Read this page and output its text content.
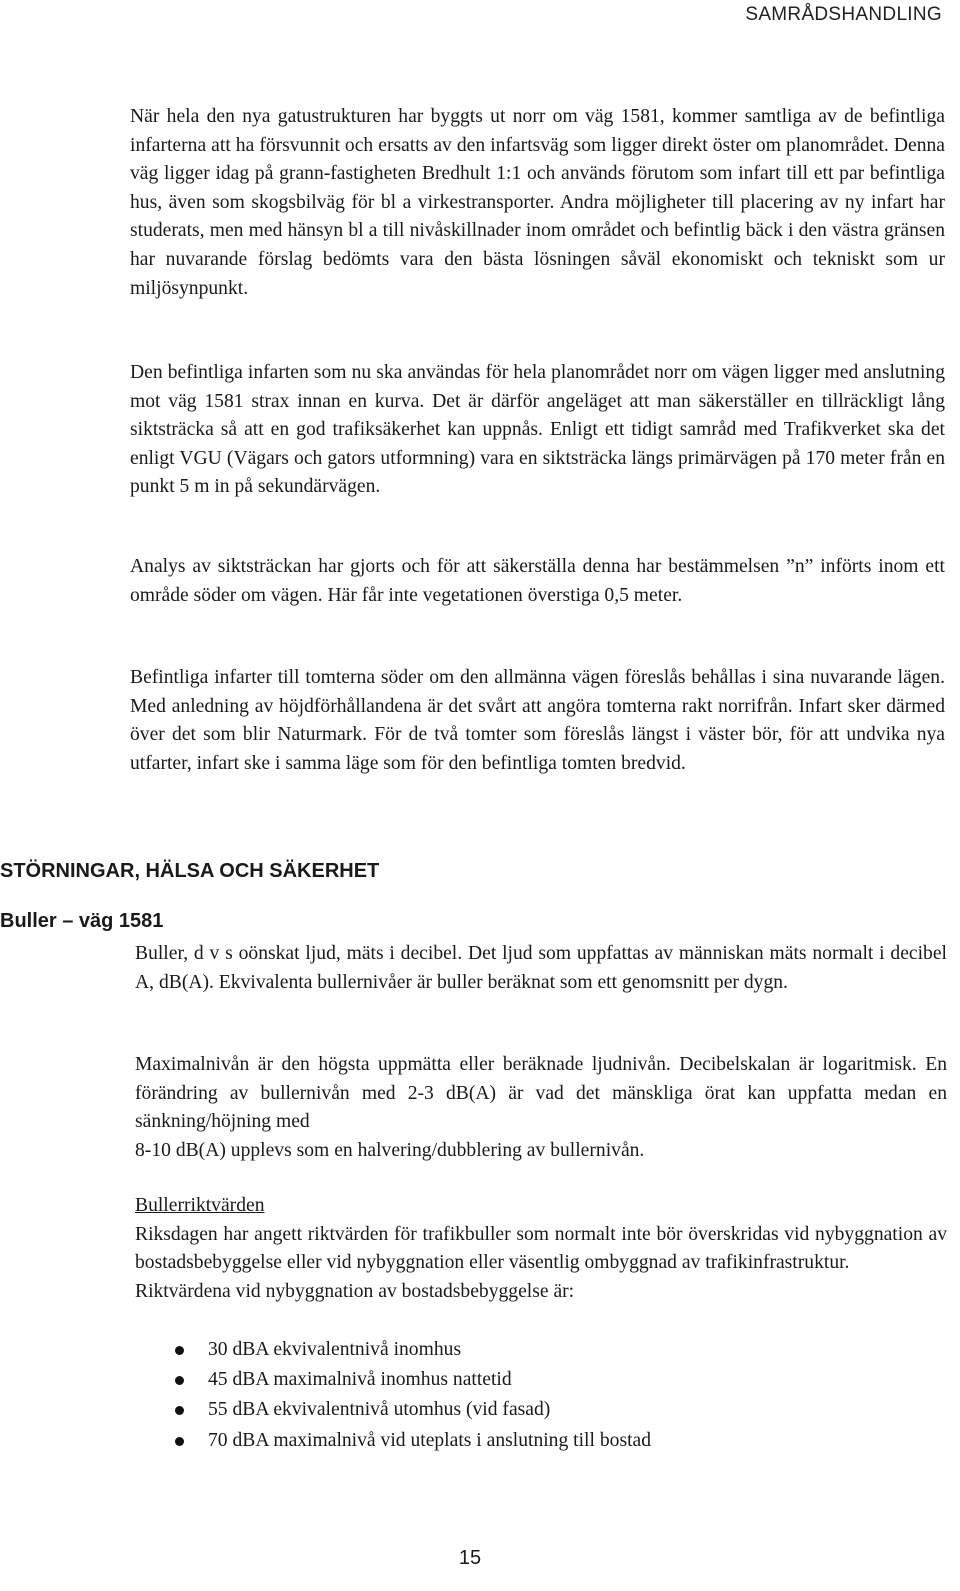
SAMRÅDSHANDLING

När hela den nya gatustrukturen har byggts ut norr om väg 1581, kommer samtliga av de befintliga infarterna att ha försvunnit och ersatts av den infartsväg som ligger direkt öster om planområdet. Denna väg ligger idag på grann-fastigheten Bredhult 1:1 och används förutom som infart till ett par befintliga hus, även som skogsbilväg för bl a virkestransporter. Andra möjligheter till placering av ny infart har studerats, men med hänsyn bl a till nivåskillnader inom området och befintlig bäck i den västra gränsen har nuvarande förslag bedömts vara den bästa lösningen såväl ekonomiskt och tekniskt som ur miljösynpunkt.

Den befintliga infarten som nu ska användas för hela planområdet norr om vägen ligger med anslutning mot väg 1581 strax innan en kurva. Det är därför angeläget att man säkerställer en tillräckligt lång siktsträcka så att en god trafiksäkerhet kan uppnås. Enligt ett tidigt samråd med Trafikverket ska det enligt VGU (Vägars och gators utformning) vara en siktsträcka längs primärvägen på 170 meter från en punkt 5 m in på sekundärvägen.

Analys av siktsträckan har gjorts och för att säkerställa denna har bestämmelsen ”n” införts inom ett område söder om vägen. Här får inte vegetationen överstiga 0,5 meter.

Befintliga infarter till tomterna söder om den allmänna vägen föreslås behållas i sina nuvarande lägen. Med anledning av höjdförhållandena är det svårt att angöra tomterna rakt norrifrån. Infart sker därmed över det som blir Naturmark. För de två tomter som föreslås längst i väster bör, för att undvika nya utfarter, infart ske i samma läge som för den befintliga tomten bredvid.

STÖRNINGAR, HÄLSA OCH SÄKERHET
Buller – väg 1581

Buller, d v s oönskat ljud, mäts i decibel. Det ljud som uppfattas av människan mäts normalt i decibel A, dB(A). Ekvivalenta bullernivåer är buller beräknat som ett genomsnitt per dygn.

Maximalnivån är den högsta uppmätta eller beräknade ljudnivån. Decibelskalan är logaritmisk. En förändring av bullernivån med 2-3 dB(A) är vad det mänskliga örat kan uppfatta medan en sänkning/höjning med
8-10 dB(A) upplevs som en halvering/dubblering av bullernivån.
Bullerriktvärden
Riksdagen har angett riktvärden för trafikbuller som normalt inte bör överskridas vid nybyggnation av bostadsbebyggelse eller vid nybyggnation eller väsentlig ombyggnad av trafikinfrastruktur.
Riktvärdena vid nybyggnation av bostadsbebyggelse är:
30 dBA ekvivalentnivå inomhus
45 dBA maximalnivå inomhus nattetid
55 dBA ekvivalentnivå utomhus (vid fasad)
70 dBA maximalnivå vid uteplats i anslutning till bostad
15
